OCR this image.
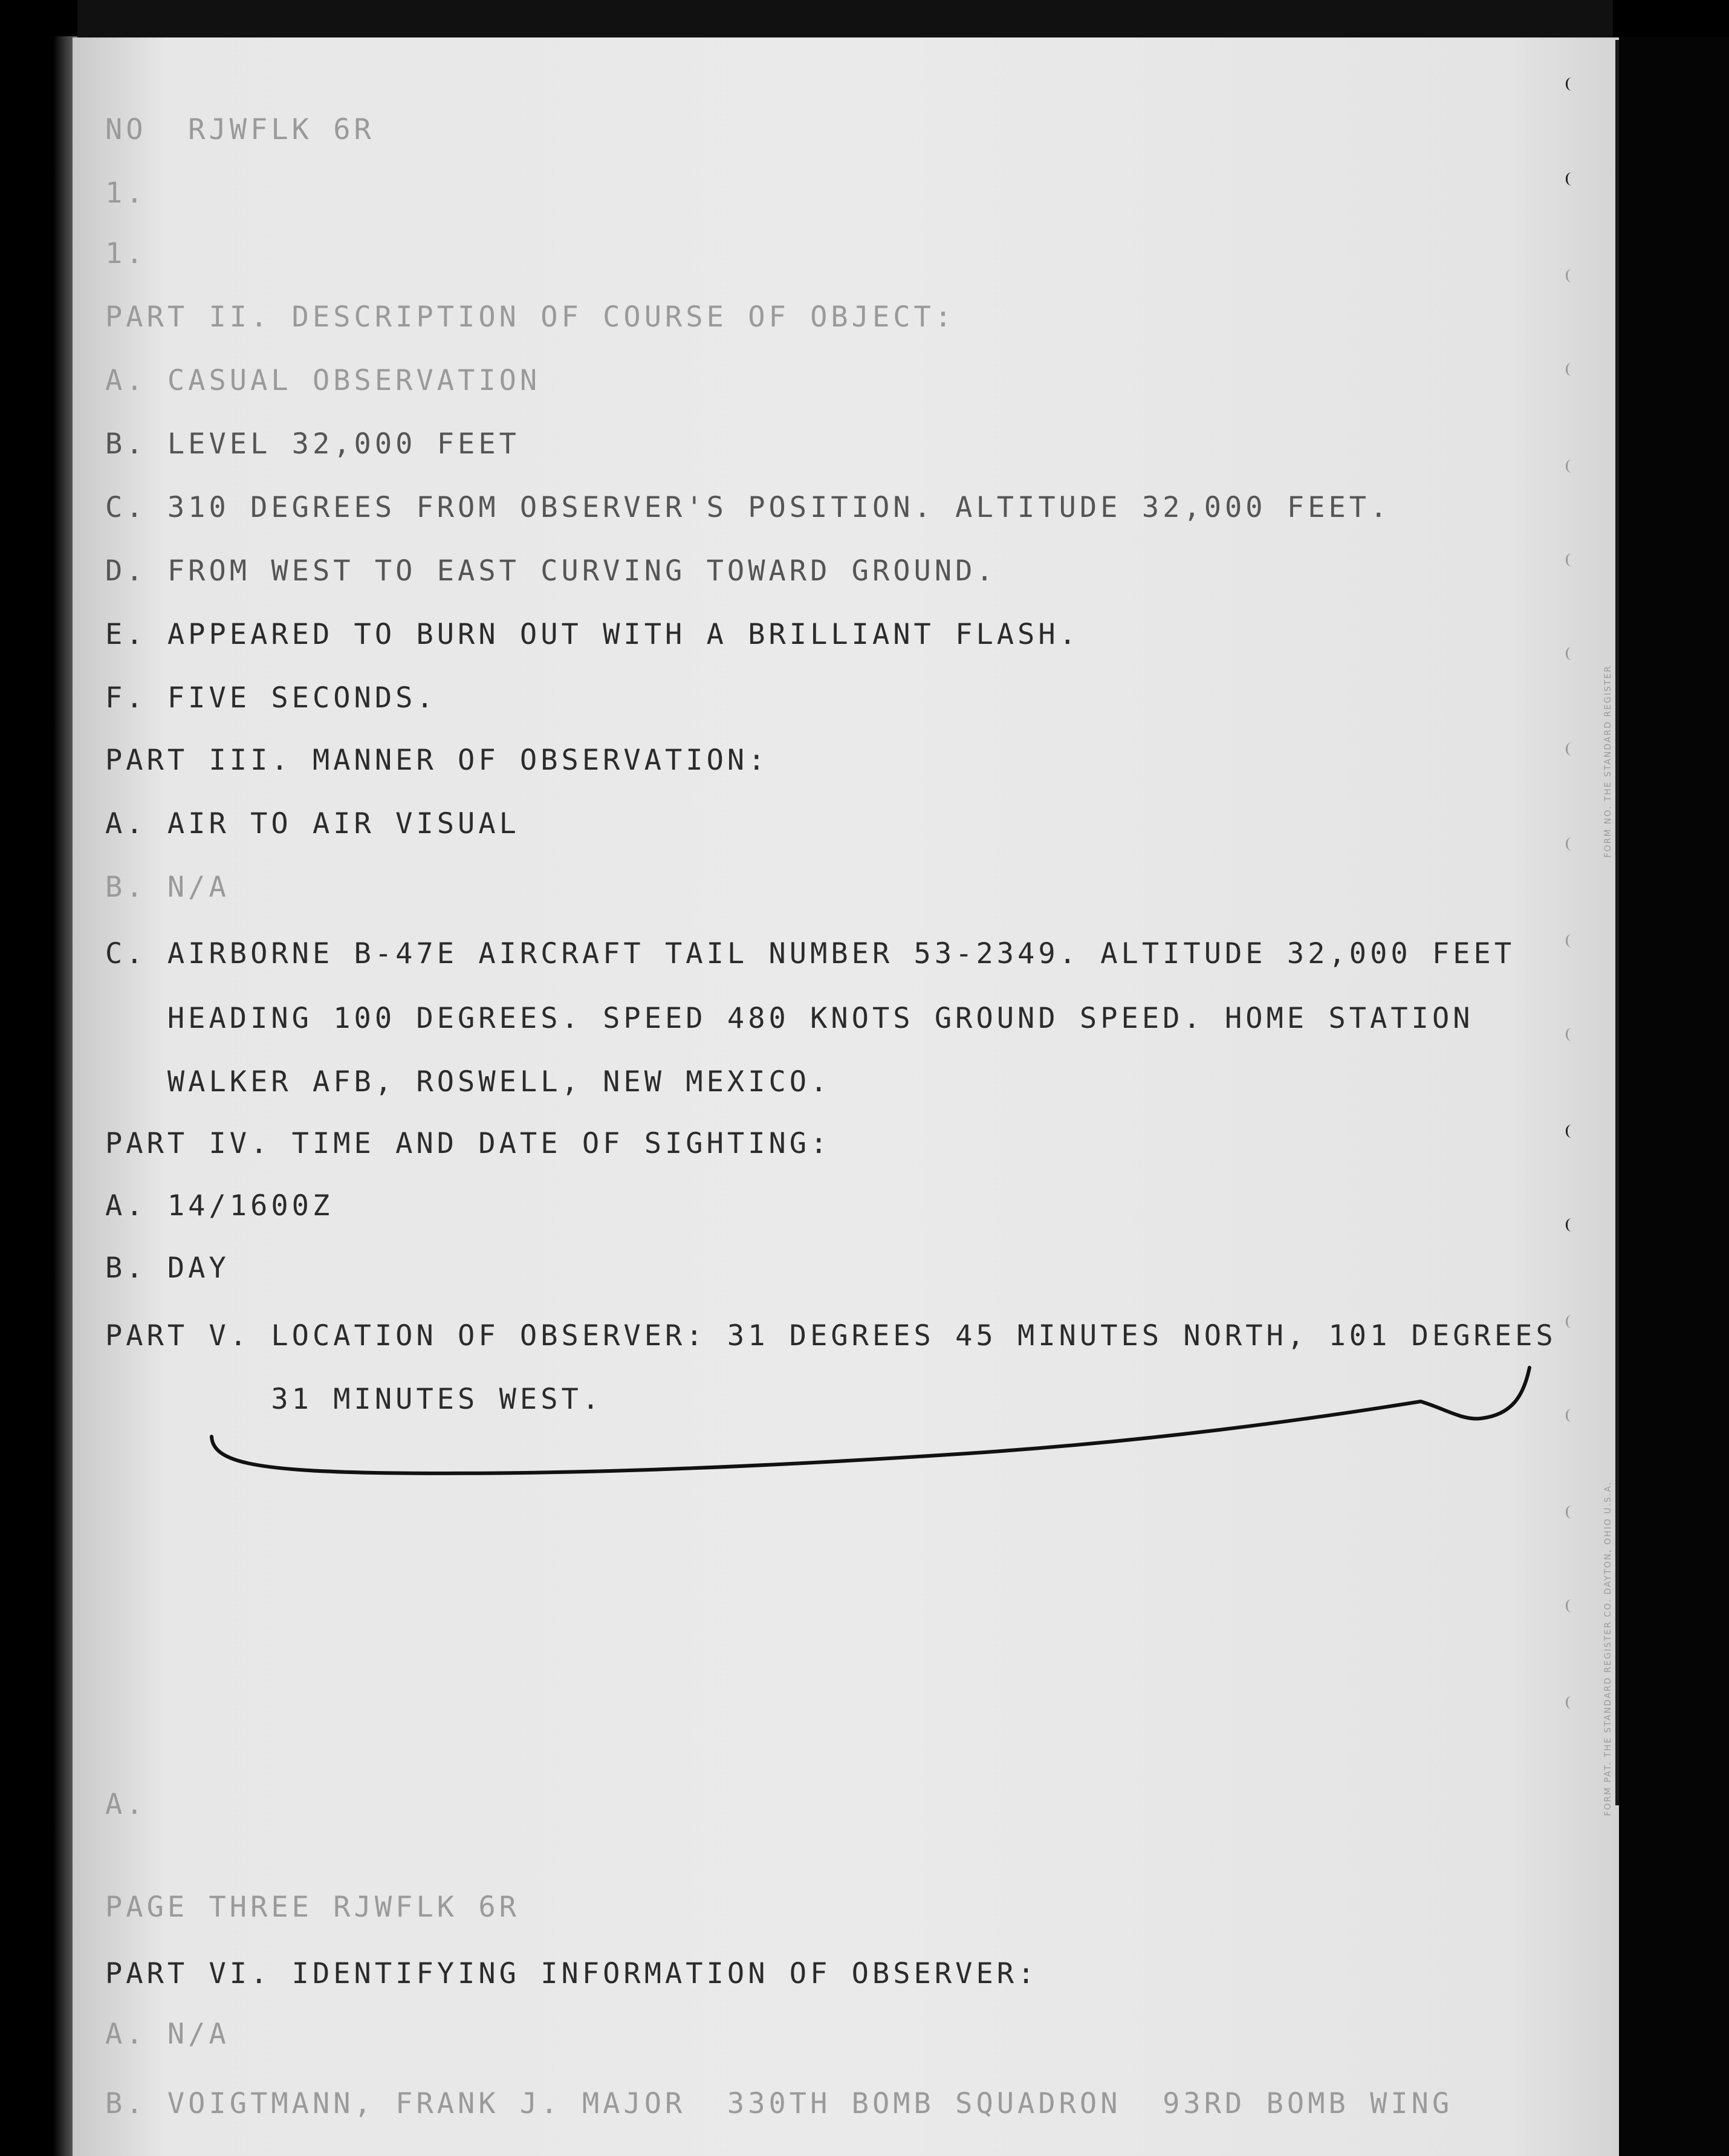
FORM NO. THE STANDARD REGISTER
FORM PAT. THE STANDARD REGISTER CO. DAYTON, OHIO U.S.A.
NO  RJWFLK 6R
1.
1.
PART II. DESCRIPTION OF COURSE OF OBJECT:
A. CASUAL OBSERVATION
B. LEVEL 32,000 FEET
C. 310 DEGREES FROM OBSERVER'S POSITION. ALTITUDE 32,000 FEET.
D. FROM WEST TO EAST CURVING TOWARD GROUND.
E. APPEARED TO BURN OUT WITH A BRILLIANT FLASH.
F. FIVE SECONDS.
PART III. MANNER OF OBSERVATION:
A. AIR TO AIR VISUAL
B. N/A
C. AIRBORNE B-47E AIRCRAFT TAIL NUMBER 53-2349. ALTITUDE 32,000 FEET
HEADING 100 DEGREES. SPEED 480 KNOTS GROUND SPEED. HOME STATION
WALKER AFB, ROSWELL, NEW MEXICO.
PART IV. TIME AND DATE OF SIGHTING:
A. 14/1600Z
B. DAY
PART V. LOCATION OF OBSERVER: 31 DEGREES 45 MINUTES NORTH, 101 DEGREES
31 MINUTES WEST.
A.
PAGE THREE RJWFLK 6R
PART VI. IDENTIFYING INFORMATION OF OBSERVER:
A. N/A
B. VOIGTMANN, FRANK J. MAJOR  330TH BOMB SQUADRON  93RD BOMB WING
